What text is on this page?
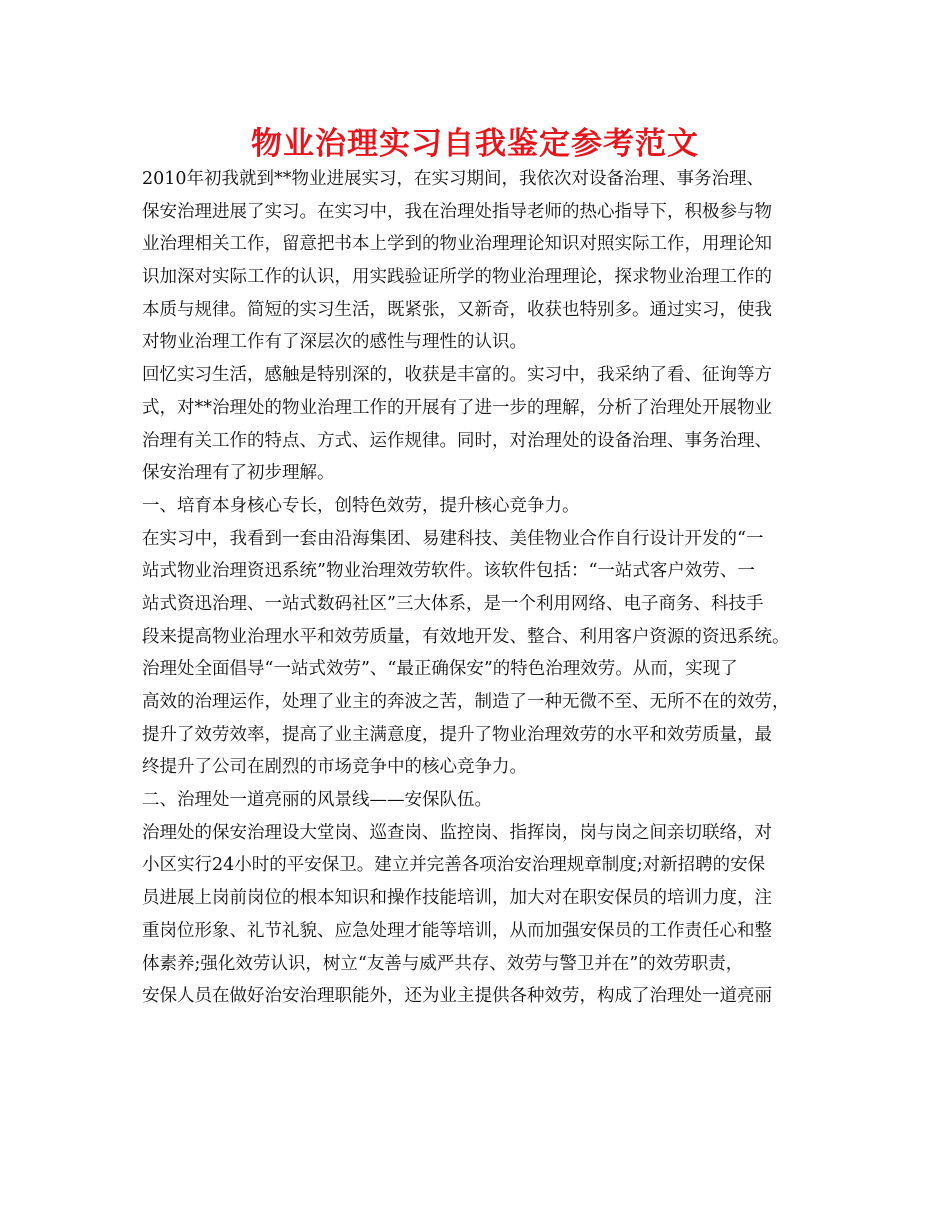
物业治理实习自我鉴定参考范文
2010年初我就到**物业进展实习，在实习期间，我依次对设备治理、事务治理、
保安治理进展了实习。在实习中，我在治理处指导老师的热心指导下，积极参与物
业治理相关工作，留意把书本上学到的物业治理理论知识对照实际工作，用理论知
识加深对实际工作的认识，用实践验证所学的物业治理理论，探求物业治理工作的
本质与规律。简短的实习生活，既紧张，又新奇，收获也特别多。通过实习，使我
对物业治理工作有了深层次的感性与理性的认识。
回忆实习生活，感触是特别深的，收获是丰富的。实习中，我采纳了看、征询等方
式，对**治理处的物业治理工作的开展有了进一步的理解，分析了治理处开展物业
治理有关工作的特点、方式、运作规律。同时，对治理处的设备治理、事务治理、
保安治理有了初步理解。
一、培育本身核心专长，创特色效劳，提升核心竞争力。
在实习中，我看到一套由沿海集团、易建科技、美佳物业合作自行设计开发的“一
站式物业治理资迅系统”物业治理效劳软件。该软件包括：“一站式客户效劳、一
站式资迅治理、一站式数码社区”三大体系，是一个利用网络、电子商务、科技手
段来提高物业治理水平和效劳质量，有效地开发、整合、利用客户资源的资迅系统。
治理处全面倡导“一站式效劳”、“最正确保安”的特色治理效劳。从而，实现了
高效的治理运作，处理了业主的奔波之苦，制造了一种无微不至、无所不在的效劳，
提升了效劳效率，提高了业主满意度，提升了物业治理效劳的水平和效劳质量，最
终提升了公司在剧烈的市场竞争中的核心竞争力。
二、治理处一道亮丽的风景线——安保队伍。
治理处的保安治理设大堂岗、巡查岗、监控岗、指挥岗，岗与岗之间亲切联络，对
小区实行24小时的平安保卫。建立并完善各项治安治理规章制度;对新招聘的安保
员进展上岗前岗位的根本知识和操作技能培训，加大对在职安保员的培训力度，注
重岗位形象、礼节礼貌、应急处理才能等培训，从而加强安保员的工作责任心和整
体素养;强化效劳认识，树立“友善与威严共存、效劳与警卫并在”的效劳职责，
安保人员在做好治安治理职能外，还为业主提供各种效劳，构成了治理处一道亮丽
